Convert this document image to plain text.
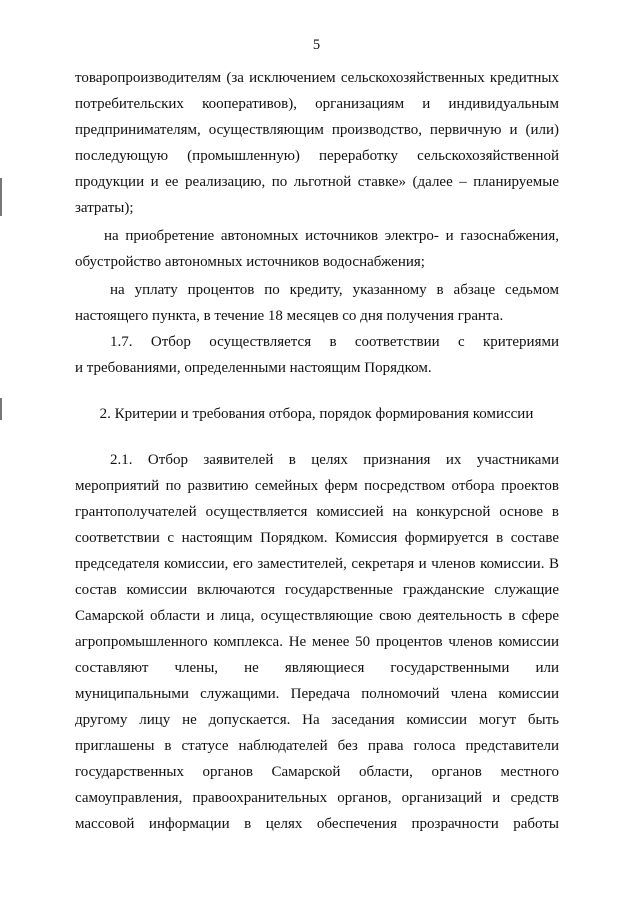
5
товаропроизводителям (за исключением сельскохозяйственных кредитных
потребительских кооперативов), организациям и индивидуальным
предпринимателям, осуществляющим производство, первичную и (или)
последующую (промышленную) переработку сельскохозяйственной
продукции и ее реализацию, по льготной ставке» (далее – планируемые
затраты);
на приобретение автономных источников электро- и газоснабжения,
обустройство автономных источников водоснабжения;
на уплату процентов по кредиту, указанному в абзаце седьмом
настоящего пункта, в течение 18 месяцев со дня получения гранта.
1.7. Отбор осуществляется в соответствии с критериями
и требованиями, определенными настоящим Порядком.
2. Критерии и требования отбора, порядок формирования комиссии
2.1. Отбор заявителей в целях признания их участниками
мероприятий по развитию семейных ферм посредством отбора проектов
грантополучателей осуществляется комиссией на конкурсной основе в
соответствии с настоящим Порядком. Комиссия формируется в составе
председателя комиссии, его заместителей, секретаря и членов комиссии. В
состав комиссии включаются государственные гражданские служащие
Самарской области и лица, осуществляющие свою деятельность в сфере
агропромышленного комплекса. Не менее 50 процентов членов комиссии
составляют члены, не являющиеся государственными или
муниципальными служащими. Передача полномочий члена комиссии
другому лицу не допускается. На заседания комиссии могут быть
приглашены в статусе наблюдателей без права голоса представители
государственных органов Самарской области, органов местного
самоуправления, правоохранительных органов, организаций и средств
массовой информации в целях обеспечения прозрачности работы
